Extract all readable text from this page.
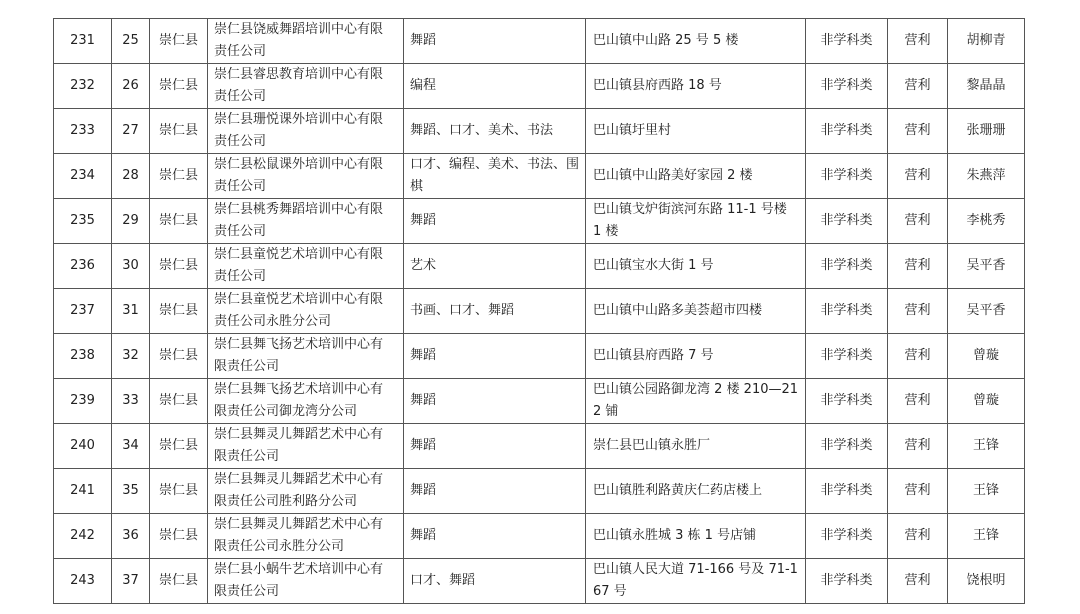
231	25	崇仁县	崇仁县饶威舞蹈培训中心有限责任公司	舞蹈	巴山镇中山路 25 号 5 楼	非学科类	营利	胡柳青

232	26	崇仁县	崇仁县睿思教育培训中心有限责任公司	编程	巴山镇县府西路 18 号	非学科类	营利	黎晶晶

233	27	崇仁县	崇仁县珊悦课外培训中心有限责任公司	舞蹈、口才、美术、书法	巴山镇圩里村	非学科类	营利	张珊珊

234	28	崇仁县	崇仁县松鼠课外培训中心有限责任公司	口才、编程、美术、书法、围棋	巴山镇中山路美好家园 2 楼	非学科类	营利	朱燕萍

235	29	崇仁县	崇仁县桃秀舞蹈培训中心有限责任公司	舞蹈	巴山镇戈炉街滨河东路 11-1 号楼 1 楼	非学科类	营利	李桃秀

236	30	崇仁县	崇仁县童悦艺术培训中心有限责任公司	艺术	巴山镇宝水大街 1 号	非学科类	营利	吴平香

237	31	崇仁县	崇仁县童悦艺术培训中心有限责任公司永胜分公司	书画、口才、舞蹈	巴山镇中山路多美荟超市四楼	非学科类	营利	吴平香

238	32	崇仁县	崇仁县舞飞扬艺术培训中心有限责任公司	舞蹈	巴山镇县府西路 7 号	非学科类	营利	曾璇

239	33	崇仁县	崇仁县舞飞扬艺术培训中心有限责任公司御龙湾分公司	舞蹈	巴山镇公园路御龙湾 2 楼 210—212 铺	非学科类	营利	曾璇

240	34	崇仁县	崇仁县舞灵儿舞蹈艺术中心有限责任公司	舞蹈	崇仁县巴山镇永胜厂	非学科类	营利	王锋

241	35	崇仁县	崇仁县舞灵儿舞蹈艺术中心有限责任公司胜利路分公司	舞蹈	巴山镇胜利路黄庆仁药店楼上	非学科类	营利	王锋

242	36	崇仁县	崇仁县舞灵儿舞蹈艺术中心有限责任公司永胜分公司	舞蹈	巴山镇永胜城 3 栋 1 号店铺	非学科类	营利	王锋

243	37	崇仁县	崇仁县小蜗牛艺术培训中心有限责任公司	口才、舞蹈	巴山镇人民大道 71-166 号及 71-167 号	非学科类	营利	饶根明
